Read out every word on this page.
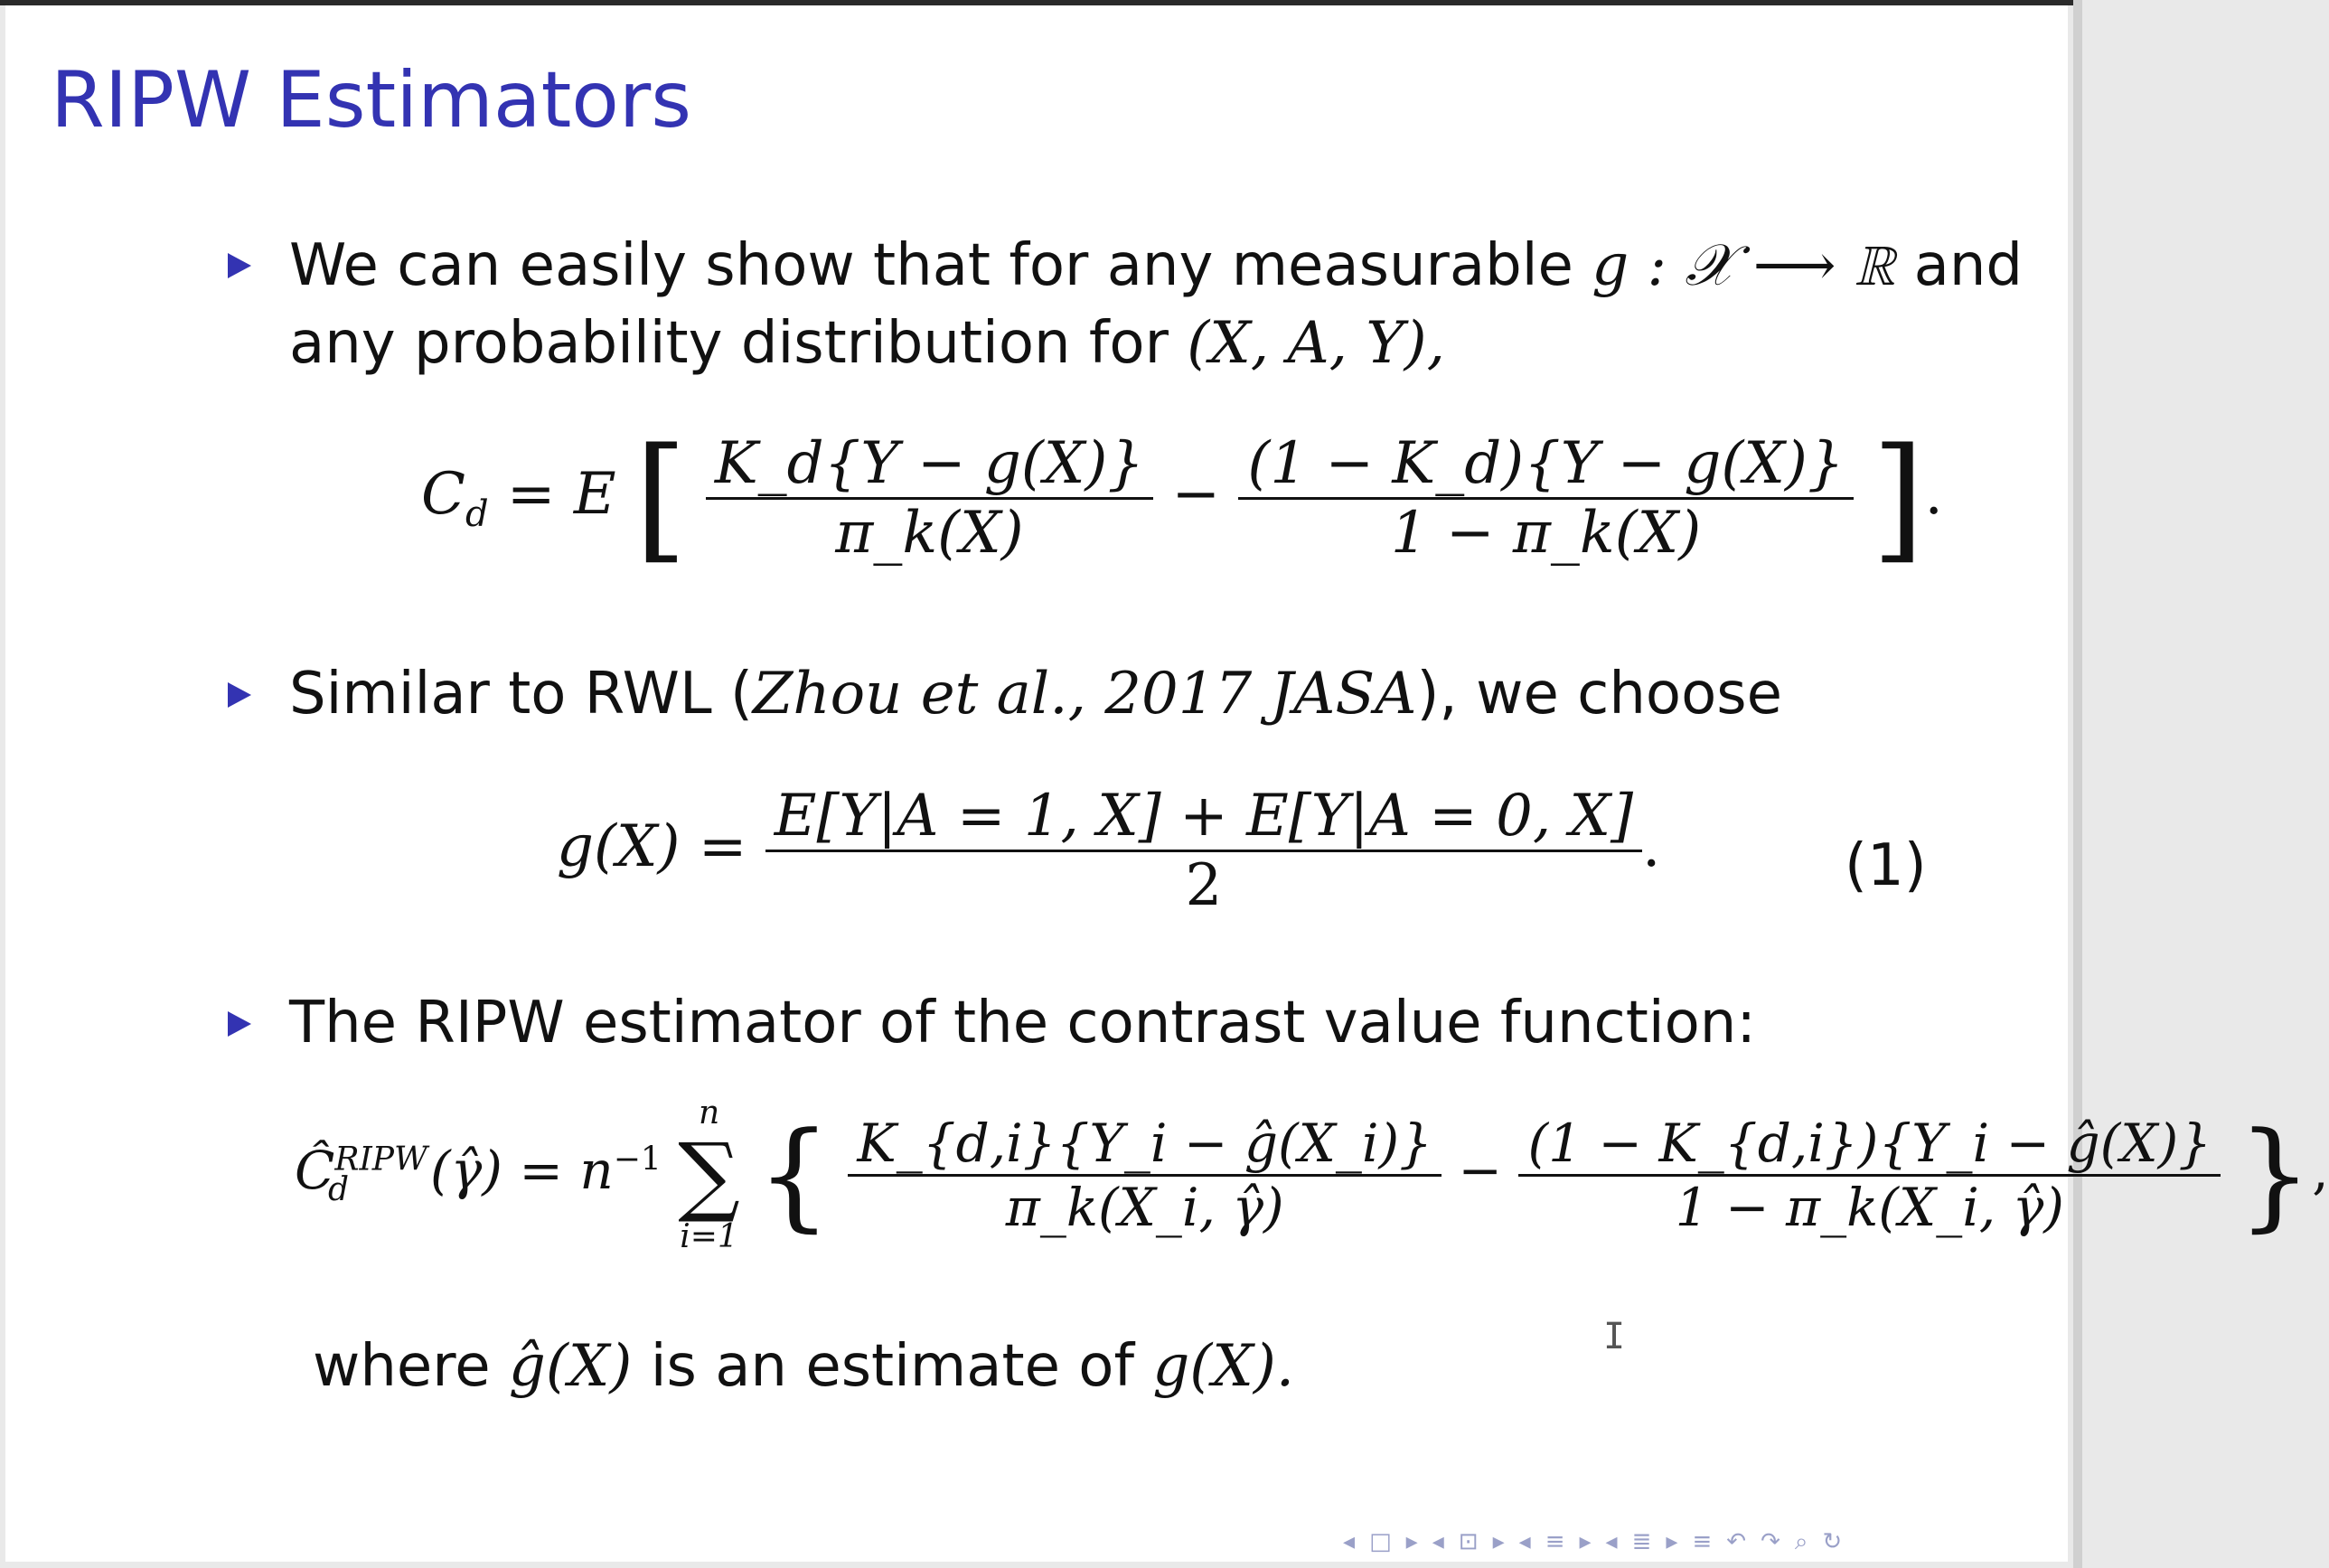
RIPW Estimators
We can easily show that for any measurable g : 𝒳 ⟶ ℝ and
any probability distribution for (X, A, Y),
$C_d = E$ [ $\frac{K\_d\{Y - g(X)\}}{\pi\_k(X)} - \frac{(1 - K\_d)\{Y - g(X)\}}{1 - \pi\_k(X)}$ ].
Similar to RWL (Zhou et al., 2017 JASA), we choose
$g(X) = \frac{E[Y|A = 1, X] + E[Y|A = 0, X]}{2}$ .	(1)
The RIPW estimator of the contrast value function:
$Ĉ^{RIPW}_d$ (γ̂) = $n^{-1}$
n
∑
i=1 { $\frac{K\_\{d,i\}\{Y\_i - ĝ(X\_i)\}}{\pi\_k(X\_i, \gammâ)} - \frac{(1 - K\_\{d,i\})\{Y\_i - ĝ(X)\}}{1 - \pi\_k(X\_i, \gammâ)}$ },
where ĝ(X) is an estimate of g(X).	I
◂ □ ▸ ◂ ⊡ ▸ ◂ ≡ ▸ ◂ ≣ ▸ ≡ ↶ ↷ ⌕ ↻
